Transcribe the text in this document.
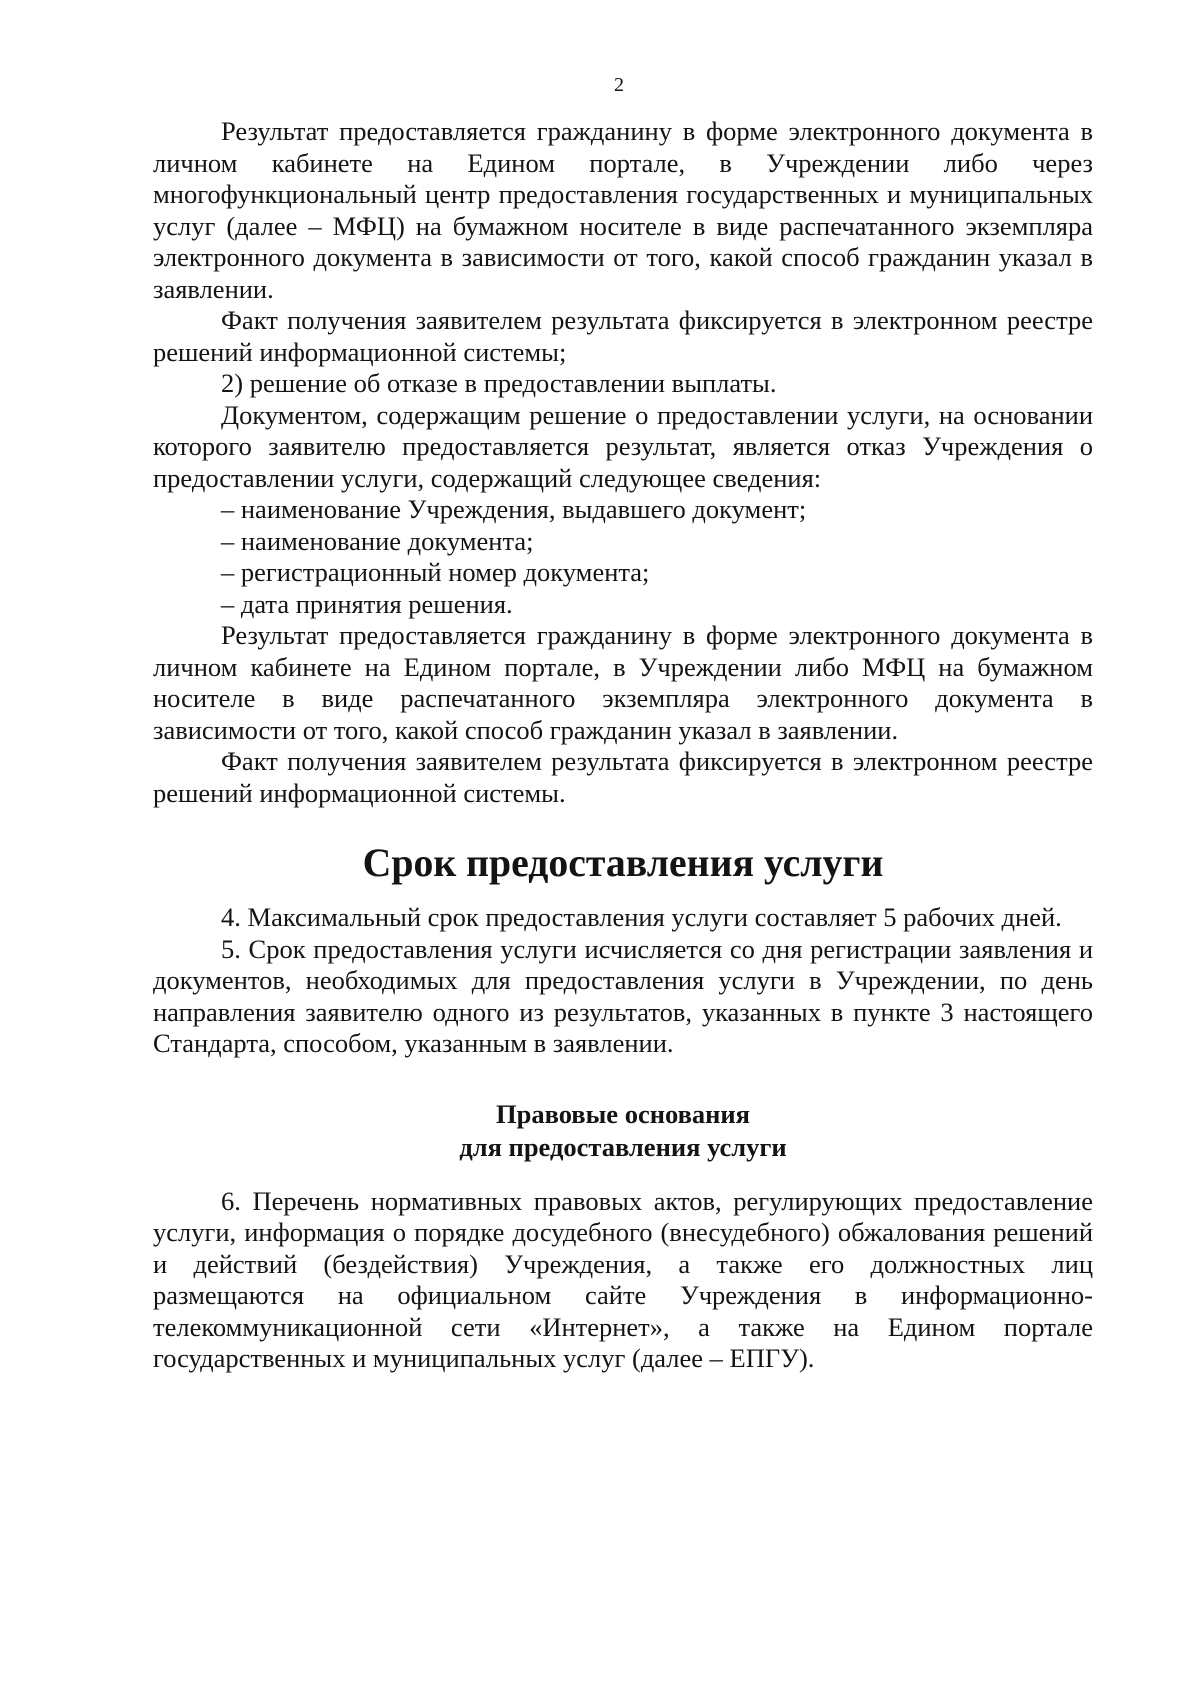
2

Результат предоставляется гражданину в форме электронного документа в личном кабинете на Едином портале, в Учреждении либо через многофункциональный центр предоставления государственных и муниципальных услуг (далее – МФЦ) на бумажном носителе в виде распечатанного экземпляра электронного документа в зависимости от того, какой способ гражданин указал в заявлении.

Факт получения заявителем результата фиксируется в электронном реестре решений информационной системы;

2) решение об отказе в предоставлении выплаты.

Документом, содержащим решение о предоставлении услуги, на основании которого заявителю предоставляется результат, является отказ Учреждения о предоставлении услуги, содержащий следующее сведения:

– наименование Учреждения, выдавшего документ;

– наименование документа;

– регистрационный номер документа;

– дата принятия решения.

Результат предоставляется гражданину в форме электронного документа в личном кабинете на Едином портале, в Учреждении либо МФЦ на бумажном носителе в виде распечатанного экземпляра электронного документа в зависимости от того, какой способ гражданин указал в заявлении.

Факт получения заявителем результата фиксируется в электронном реестре решений информационной системы.

Срок предоставления услуги

4. Максимальный срок предоставления услуги составляет 5 рабочих дней.

5. Срок предоставления услуги исчисляется со дня регистрации заявления и документов, необходимых для предоставления услуги в Учреждении, по день направления заявителю одного из результатов, указанных в пункте 3 настоящего Стандарта, способом, указанным в заявлении.

Правовые основания
для предоставления услуги

6. Перечень нормативных правовых актов, регулирующих предоставление услуги, информация о порядке досудебного (внесудебного) обжалования решений и действий (бездействия) Учреждения, а также его должностных лиц размещаются на официальном сайте Учреждения в информационно-телекоммуникационной сети «Интернет», а также на Едином портале государственных и муниципальных услуг (далее – ЕПГУ).
